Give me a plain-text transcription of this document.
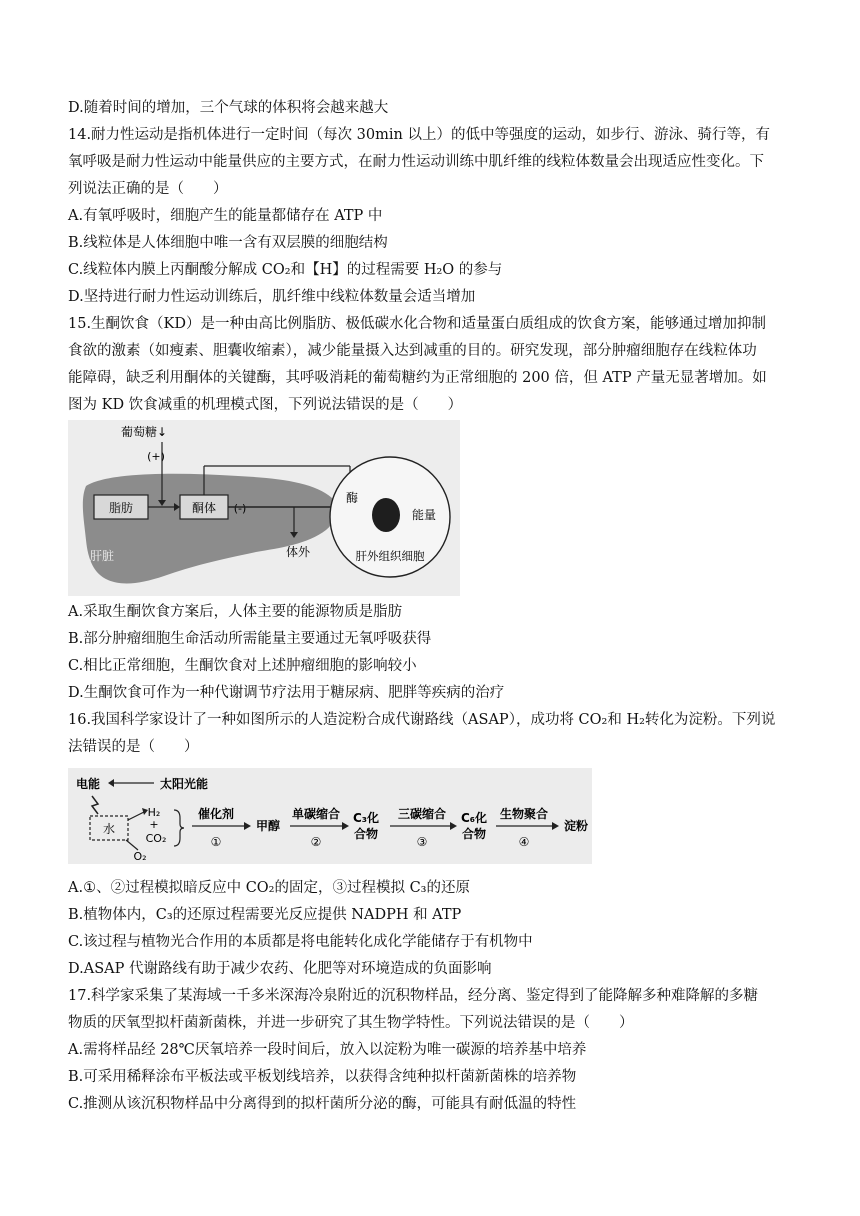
D.随着时间的增加，三个气球的体积将会越来越大
14.耐力性运动是指机体进行一定时间（每次 30min 以上）的低中等强度的运动，如步行、游泳、骑行等，有
氧呼吸是耐力性运动中能量供应的主要方式，在耐力性运动训练中肌纤维的线粒体数量会出现适应性变化。下
列说法正确的是（　　）
A.有氧呼吸时，细胞产生的能量都储存在 ATP 中
B.线粒体是人体细胞中唯一含有双层膜的细胞结构
C.线粒体内膜上丙酮酸分解成 CO₂和【H】的过程需要 H₂O 的参与
D.坚持进行耐力性运动训练后，肌纤维中线粒体数量会适当增加
15.生酮饮食（KD）是一种由高比例脂肪、极低碳水化合物和适量蛋白质组成的饮食方案，能够通过增加抑制
食欲的激素（如瘦素、胆囊收缩素），减少能量摄入达到减重的目的。研究发现，部分肿瘤细胞存在线粒体功
能障碍，缺乏利用酮体的关键酶，其呼吸消耗的葡萄糖约为正常细胞的 200 倍，但 ATP 产量无显著增加。如
图为 KD 饮食减重的机理模式图，下列说法错误的是（　　）
脂肪	酮体 (-)
葡萄糖↓
(+)
肝脏	体外
酶
能量
肝外组织细胞
A.采取生酮饮食方案后，人体主要的能源物质是脂肪
B.部分肿瘤细胞生命活动所需能量主要通过无氧呼吸获得
C.相比正常细胞，生酮饮食对上述肿瘤细胞的影响较小
D.生酮饮食可作为一种代谢调节疗法用于糖尿病、肥胖等疾病的治疗
16.我国科学家设计了一种如图所示的人造淀粉合成代谢路线（ASAP），成功将 CO₂和 H₂转化为淀粉。下列说
法错误的是（　　）
电能	太阳光能
水
H₂
+
CO₂
O₂
催化剂
①
甲醇
单碳缩合
②
C₃化
合物
三碳缩合
③
C₆化
合物
生物聚合
④
淀粉
A.①、②过程模拟暗反应中 CO₂的固定，③过程模拟 C₃的还原
B.植物体内，C₃的还原过程需要光反应提供 NADPH 和 ATP
C.该过程与植物光合作用的本质都是将电能转化成化学能储存于有机物中
D.ASAP 代谢路线有助于减少农药、化肥等对环境造成的负面影响
17.科学家采集了某海域一千多米深海冷泉附近的沉积物样品，经分离、鉴定得到了能降解多种难降解的多糖
物质的厌氧型拟杆菌新菌株，并进一步研究了其生物学特性。下列说法错误的是（　　）
A.需将样品经 28℃厌氧培养一段时间后，放入以淀粉为唯一碳源的培养基中培养
B.可采用稀释涂布平板法或平板划线培养，以获得含纯种拟杆菌新菌株的培养物
C.推测从该沉积物样品中分离得到的拟杆菌所分泌的酶，可能具有耐低温的特性
